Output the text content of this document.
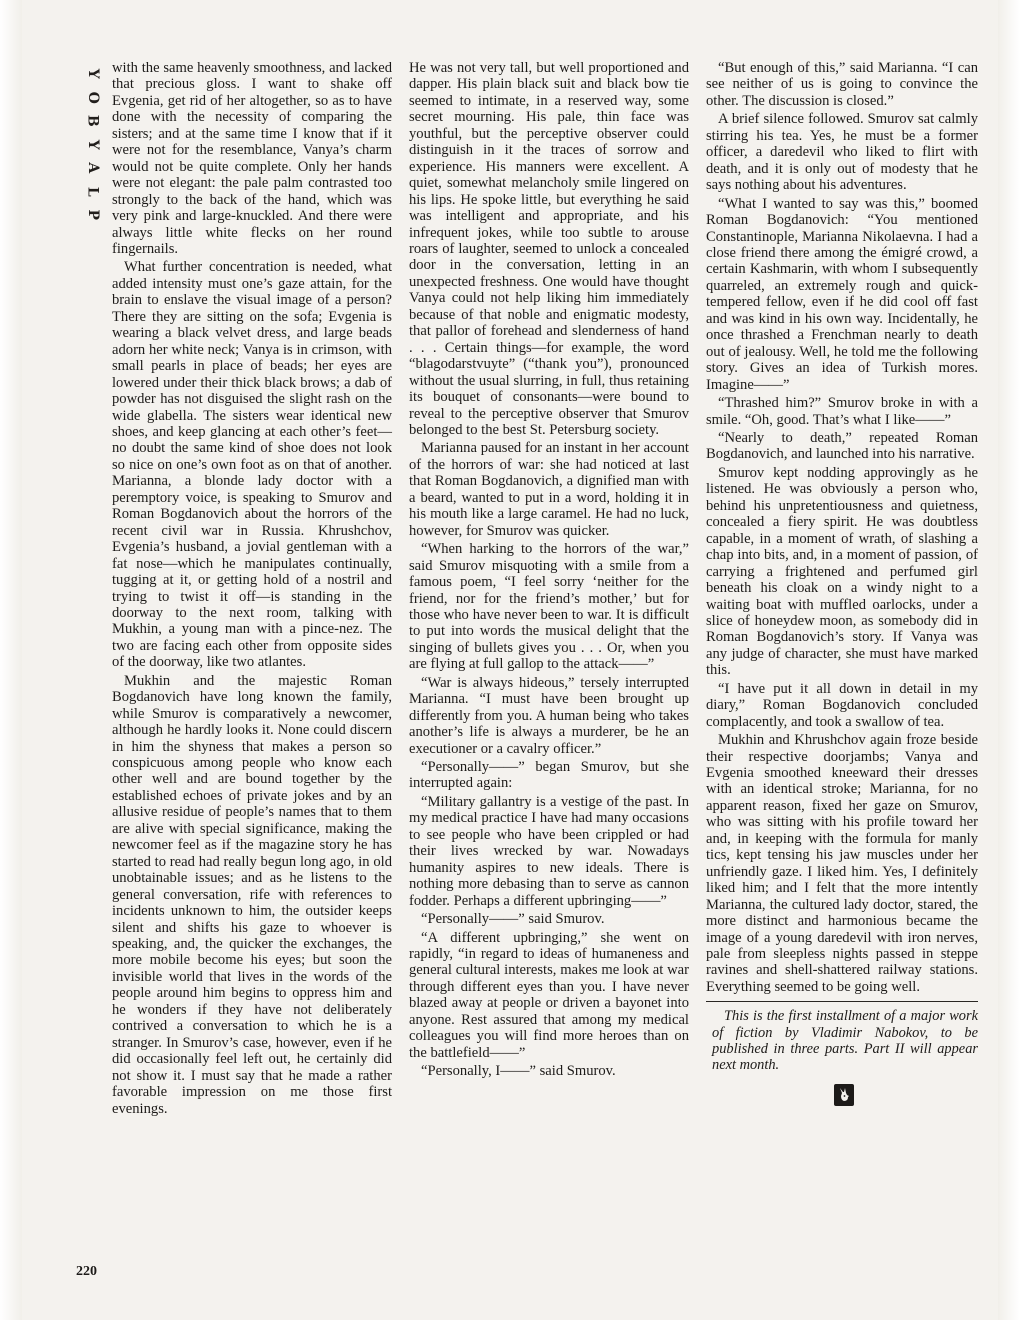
Y
O
B
Y
A
L
P

with the same heavenly smoothness, and lacked that precious gloss. I want to shake off Evgenia, get rid of her altogether, so as to have done with the necessity of comparing the sisters; and at the same time I know that if it were not for the resemblance, Vanya’s charm would not be quite complete. Only her hands were not elegant: the pale palm contrasted too strongly to the back of the hand, which was very pink and large-knuckled. And there were always little white flecks on her round fingernails.

What further concentration is needed, what added intensity must one’s gaze attain, for the brain to enslave the visual image of a person? There they are sitting on the sofa; Evgenia is wearing a black velvet dress, and large beads adorn her white neck; Vanya is in crimson, with small pearls in place of beads; her eyes are lowered under their thick black brows; a dab of powder has not disguised the slight rash on the wide glabella. The sisters wear identical new shoes, and keep glancing at each other’s feet—no doubt the same kind of shoe does not look so nice on one’s own foot as on that of another. Marianna, a blonde lady doctor with a peremptory voice, is speaking to Smurov and Roman Bogdanovich about the horrors of the recent civil war in Russia. Khrushchov, Evgenia’s husband, a jovial gentleman with a fat nose—which he manipulates continually, tugging at it, or getting hold of a nostril and trying to twist it off—is standing in the doorway to the next room, talking with Mukhin, a young man with a pince-nez. The two are facing each other from opposite sides of the doorway, like two atlantes.

Mukhin and the majestic Roman Bogdanovich have long known the family, while Smurov is comparatively a newcomer, although he hardly looks it. None could discern in him the shyness that makes a person so conspicuous among people who know each other well and are bound together by the established echoes of private jokes and by an allusive residue of people’s names that to them are alive with special significance, making the newcomer feel as if the magazine story he has started to read had really begun long ago, in old unobtainable issues; and as he listens to the general conversation, rife with references to incidents unknown to him, the outsider keeps silent and shifts his gaze to whoever is speaking, and, the quicker the exchanges, the more mobile become his eyes; but soon the invisible world that lives in the words of the people around him begins to oppress him and he wonders if they have not deliberately contrived a conversation to which he is a stranger. In Smurov’s case, however, even if he did occasionally feel left out, he certainly did not show it. I must say that he made a rather favorable impression on me those first evenings.

He was not very tall, but well proportioned and dapper. His plain black suit and black bow tie seemed to intimate, in a reserved way, some secret mourning. His pale, thin face was youthful, but the perceptive observer could distinguish in it the traces of sorrow and experience. His manners were excellent. A quiet, somewhat melancholy smile lingered on his lips. He spoke little, but everything he said was intelligent and appropriate, and his infrequent jokes, while too subtle to arouse roars of laughter, seemed to unlock a concealed door in the conversation, letting in an unexpected freshness. One would have thought Vanya could not help liking him immediately because of that noble and enigmatic modesty, that pallor of forehead and slenderness of hand . . . Certain things—for example, the word “blagodarstvuyte” (“thank you”), pronounced without the usual slurring, in full, thus retaining its bouquet of consonants—were bound to reveal to the perceptive observer that Smurov belonged to the best St. Petersburg society.

Marianna paused for an instant in her account of the horrors of war: she had noticed at last that Roman Bogdanovich, a dignified man with a beard, wanted to put in a word, holding it in his mouth like a large caramel. He had no luck, however, for Smurov was quicker.

“When harking to the horrors of the war,” said Smurov misquoting with a smile from a famous poem, “I feel sorry ‘neither for the friend, nor for the friend’s mother,’ but for those who have never been to war. It is difficult to put into words the musical delight that the singing of bullets gives you . . . Or, when you are flying at full gallop to the attack——”

“War is always hideous,” tersely interrupted Marianna. “I must have been brought up differently from you. A human being who takes another’s life is always a murderer, be he an executioner or a cavalry officer.”

“Personally——” began Smurov, but she interrupted again:

“Military gallantry is a vestige of the past. In my medical practice I have had many occasions to see people who have been crippled or had their lives wrecked by war. Nowadays humanity aspires to new ideals. There is nothing more debasing than to serve as cannon fodder. Perhaps a different upbringing——”

“Personally——” said Smurov.

“A different upbringing,” she went on rapidly, “in regard to ideas of humaneness and general cultural interests, makes me look at war through different eyes than you. I have never blazed away at people or driven a bayonet into anyone. Rest assured that among my medical colleagues you will find more heroes than on the battlefield——”

“Personally, I——” said Smurov.

“But enough of this,” said Marianna. “I can see neither of us is going to convince the other. The discussion is closed.”

A brief silence followed. Smurov sat calmly stirring his tea. Yes, he must be a former officer, a daredevil who liked to flirt with death, and it is only out of modesty that he says nothing about his adventures.

“What I wanted to say was this,” boomed Roman Bogdanovich: “You mentioned Constantinople, Marianna Nikolaevna. I had a close friend there among the émigré crowd, a certain Kashmarin, with whom I subsequently quarreled, an extremely rough and quick-tempered fellow, even if he did cool off fast and was kind in his own way. Incidentally, he once thrashed a Frenchman nearly to death out of jealousy. Well, he told me the following story. Gives an idea of Turkish mores. Imagine——”

“Thrashed him?” Smurov broke in with a smile. “Oh, good. That’s what I like——”

“Nearly to death,” repeated Roman Bogdanovich, and launched into his narrative.

Smurov kept nodding approvingly as he listened. He was obviously a person who, behind his unpretentiousness and quietness, concealed a fiery spirit. He was doubtless capable, in a moment of wrath, of slashing a chap into bits, and, in a moment of passion, of carrying a frightened and perfumed girl beneath his cloak on a windy night to a waiting boat with muffled oarlocks, under a slice of honeydew moon, as somebody did in Roman Bogdanovich’s story. If Vanya was any judge of character, she must have marked this.

“I have put it all down in detail in my diary,” Roman Bogdanovich concluded complacently, and took a swallow of tea.

Mukhin and Khrushchov again froze beside their respective doorjambs; Vanya and Evgenia smoothed kneeward their dresses with an identical stroke; Marianna, for no apparent reason, fixed her gaze on Smurov, who was sitting with his profile toward her and, in keeping with the formula for manly tics, kept tensing his jaw muscles under her unfriendly gaze. I liked him. Yes, I definitely liked him; and I felt that the more intently Marianna, the cultured lady doctor, stared, the more distinct and harmonious became the image of a young daredevil with iron nerves, pale from sleepless nights passed in steppe ravines and shell-shattered railway stations. Everything seemed to be going well.

This is the first installment of a major work of fiction by Vladimir Nabokov, to be published in three parts. Part II will appear next month.

220
